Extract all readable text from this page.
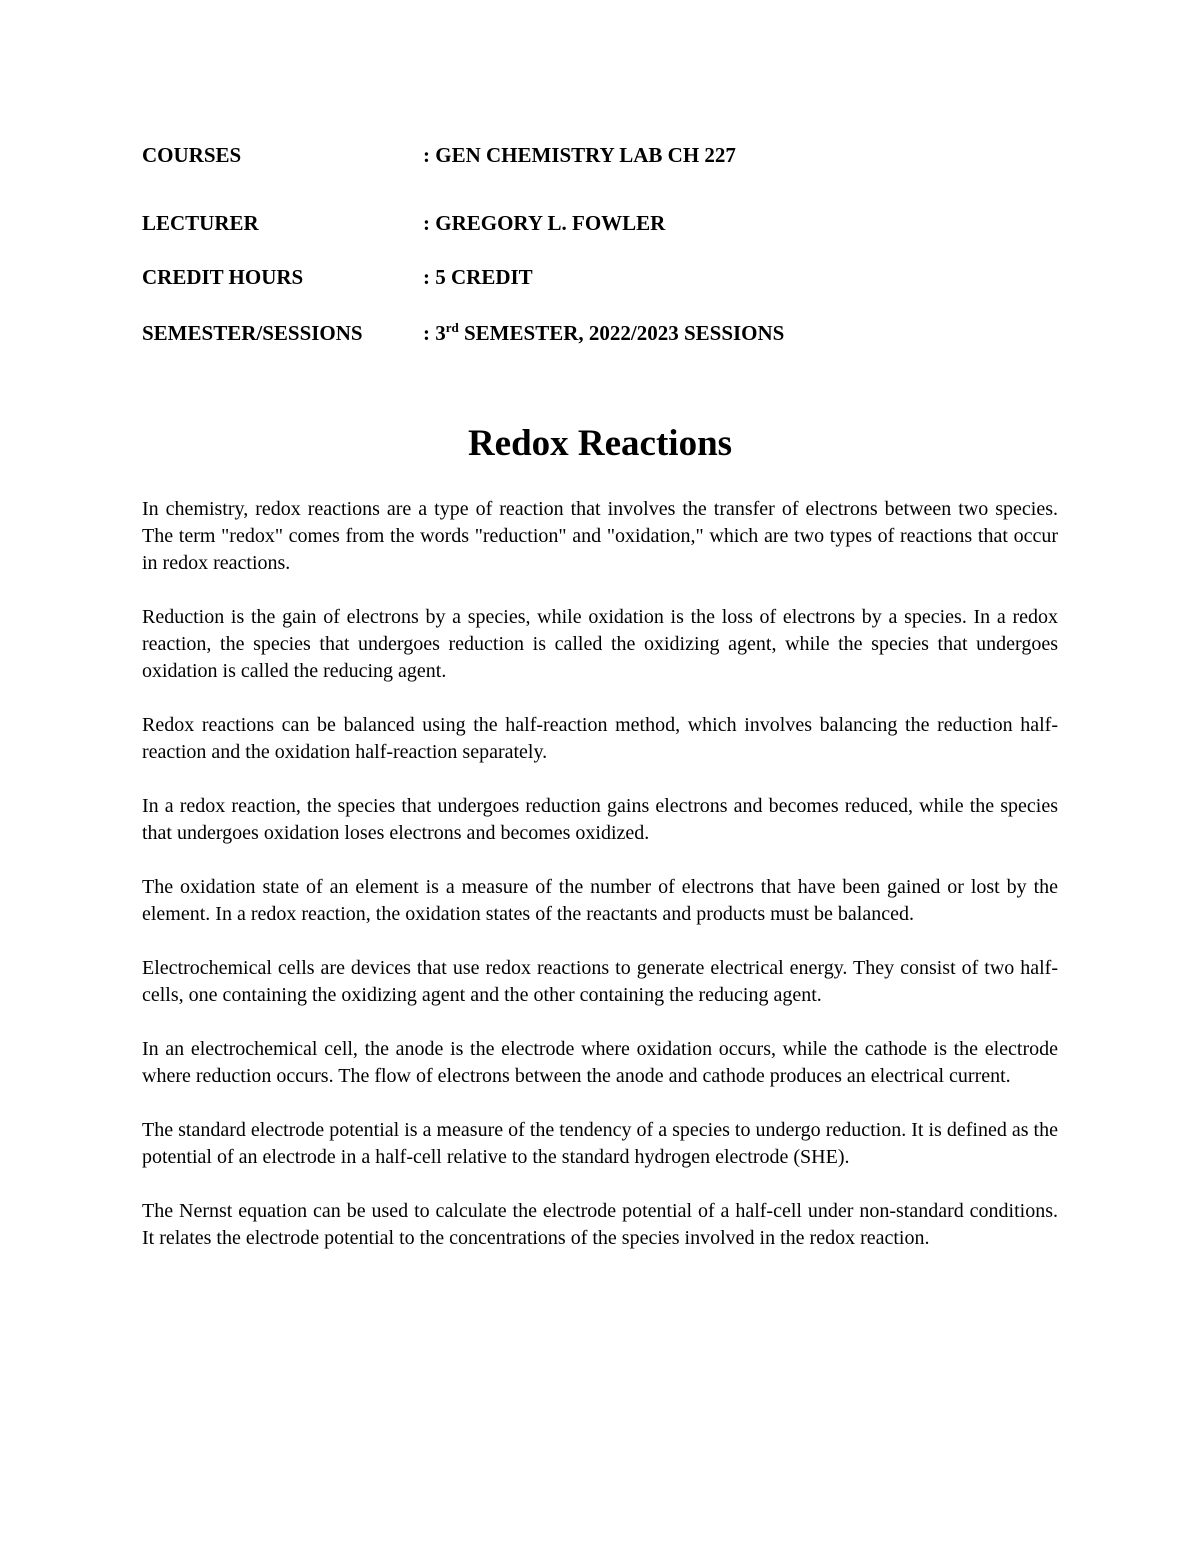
COURSES	: GEN CHEMISTRY LAB CH 227
LECTURER	: GREGORY L. FOWLER
CREDIT HOURS	: 5 CREDIT
SEMESTER/SESSIONS	: 3rd SEMESTER, 2022/2023 SESSIONS
Redox Reactions

In chemistry, redox reactions are a type of reaction that involves the transfer of electrons between two species. The term "redox" comes from the words "reduction" and "oxidation," which are two types of reactions that occur in redox reactions.

Reduction is the gain of electrons by a species, while oxidation is the loss of electrons by a species. In a redox reaction, the species that undergoes reduction is called the oxidizing agent, while the species that undergoes oxidation is called the reducing agent.

Redox reactions can be balanced using the half-reaction method, which involves balancing the reduction half-reaction and the oxidation half-reaction separately.

In a redox reaction, the species that undergoes reduction gains electrons and becomes reduced, while the species that undergoes oxidation loses electrons and becomes oxidized.

The oxidation state of an element is a measure of the number of electrons that have been gained or lost by the element. In a redox reaction, the oxidation states of the reactants and products must be balanced.

Electrochemical cells are devices that use redox reactions to generate electrical energy. They consist of two half-cells, one containing the oxidizing agent and the other containing the reducing agent.

In an electrochemical cell, the anode is the electrode where oxidation occurs, while the cathode is the electrode where reduction occurs. The flow of electrons between the anode and cathode produces an electrical current.

The standard electrode potential is a measure of the tendency of a species to undergo reduction. It is defined as the potential of an electrode in a half-cell relative to the standard hydrogen electrode (SHE).

The Nernst equation can be used to calculate the electrode potential of a half-cell under non-standard conditions. It relates the electrode potential to the concentrations of the species involved in the redox reaction.
